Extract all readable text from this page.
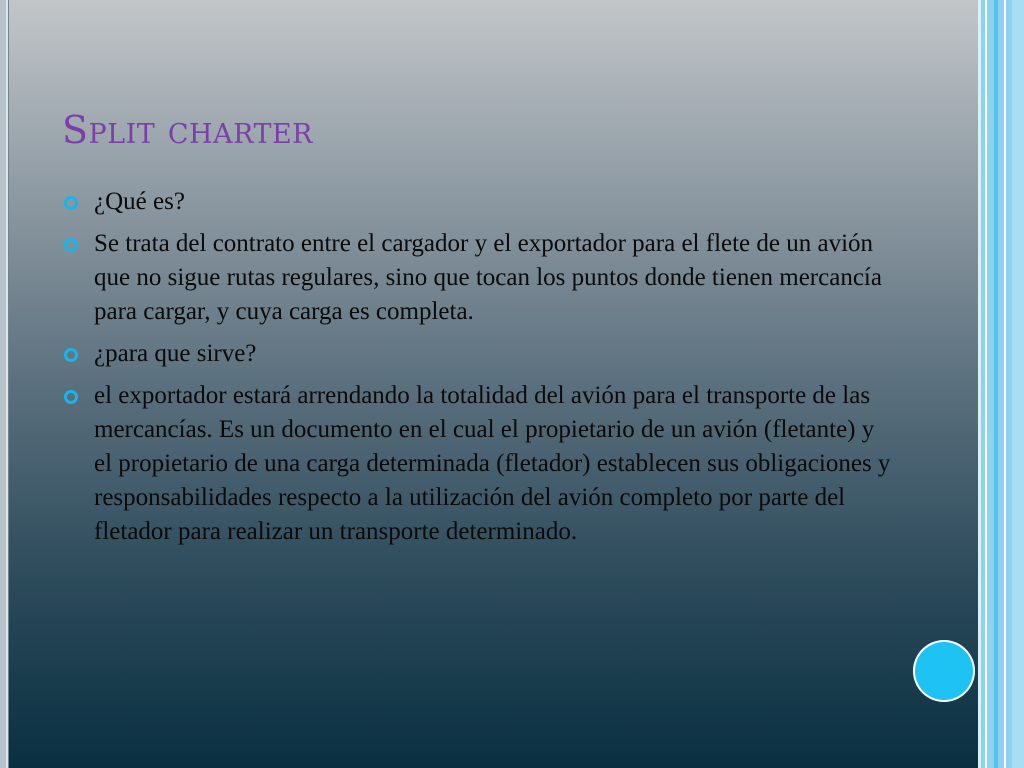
Split charter
¿Qué es?
Se trata del contrato entre el cargador y el exportador para el flete de un avión que no sigue rutas regulares, sino que tocan los puntos donde tienen mercancía para cargar, y cuya carga es completa.
¿para que sirve?
el exportador estará arrendando la totalidad del avión para el transporte de las mercancías. Es un documento en el cual el propietario de un avión (fletante) y el propietario de una carga determinada (fletador) establecen sus obligaciones y responsabilidades respecto a la utilización del avión completo por parte del fletador para realizar un transporte determinado.
